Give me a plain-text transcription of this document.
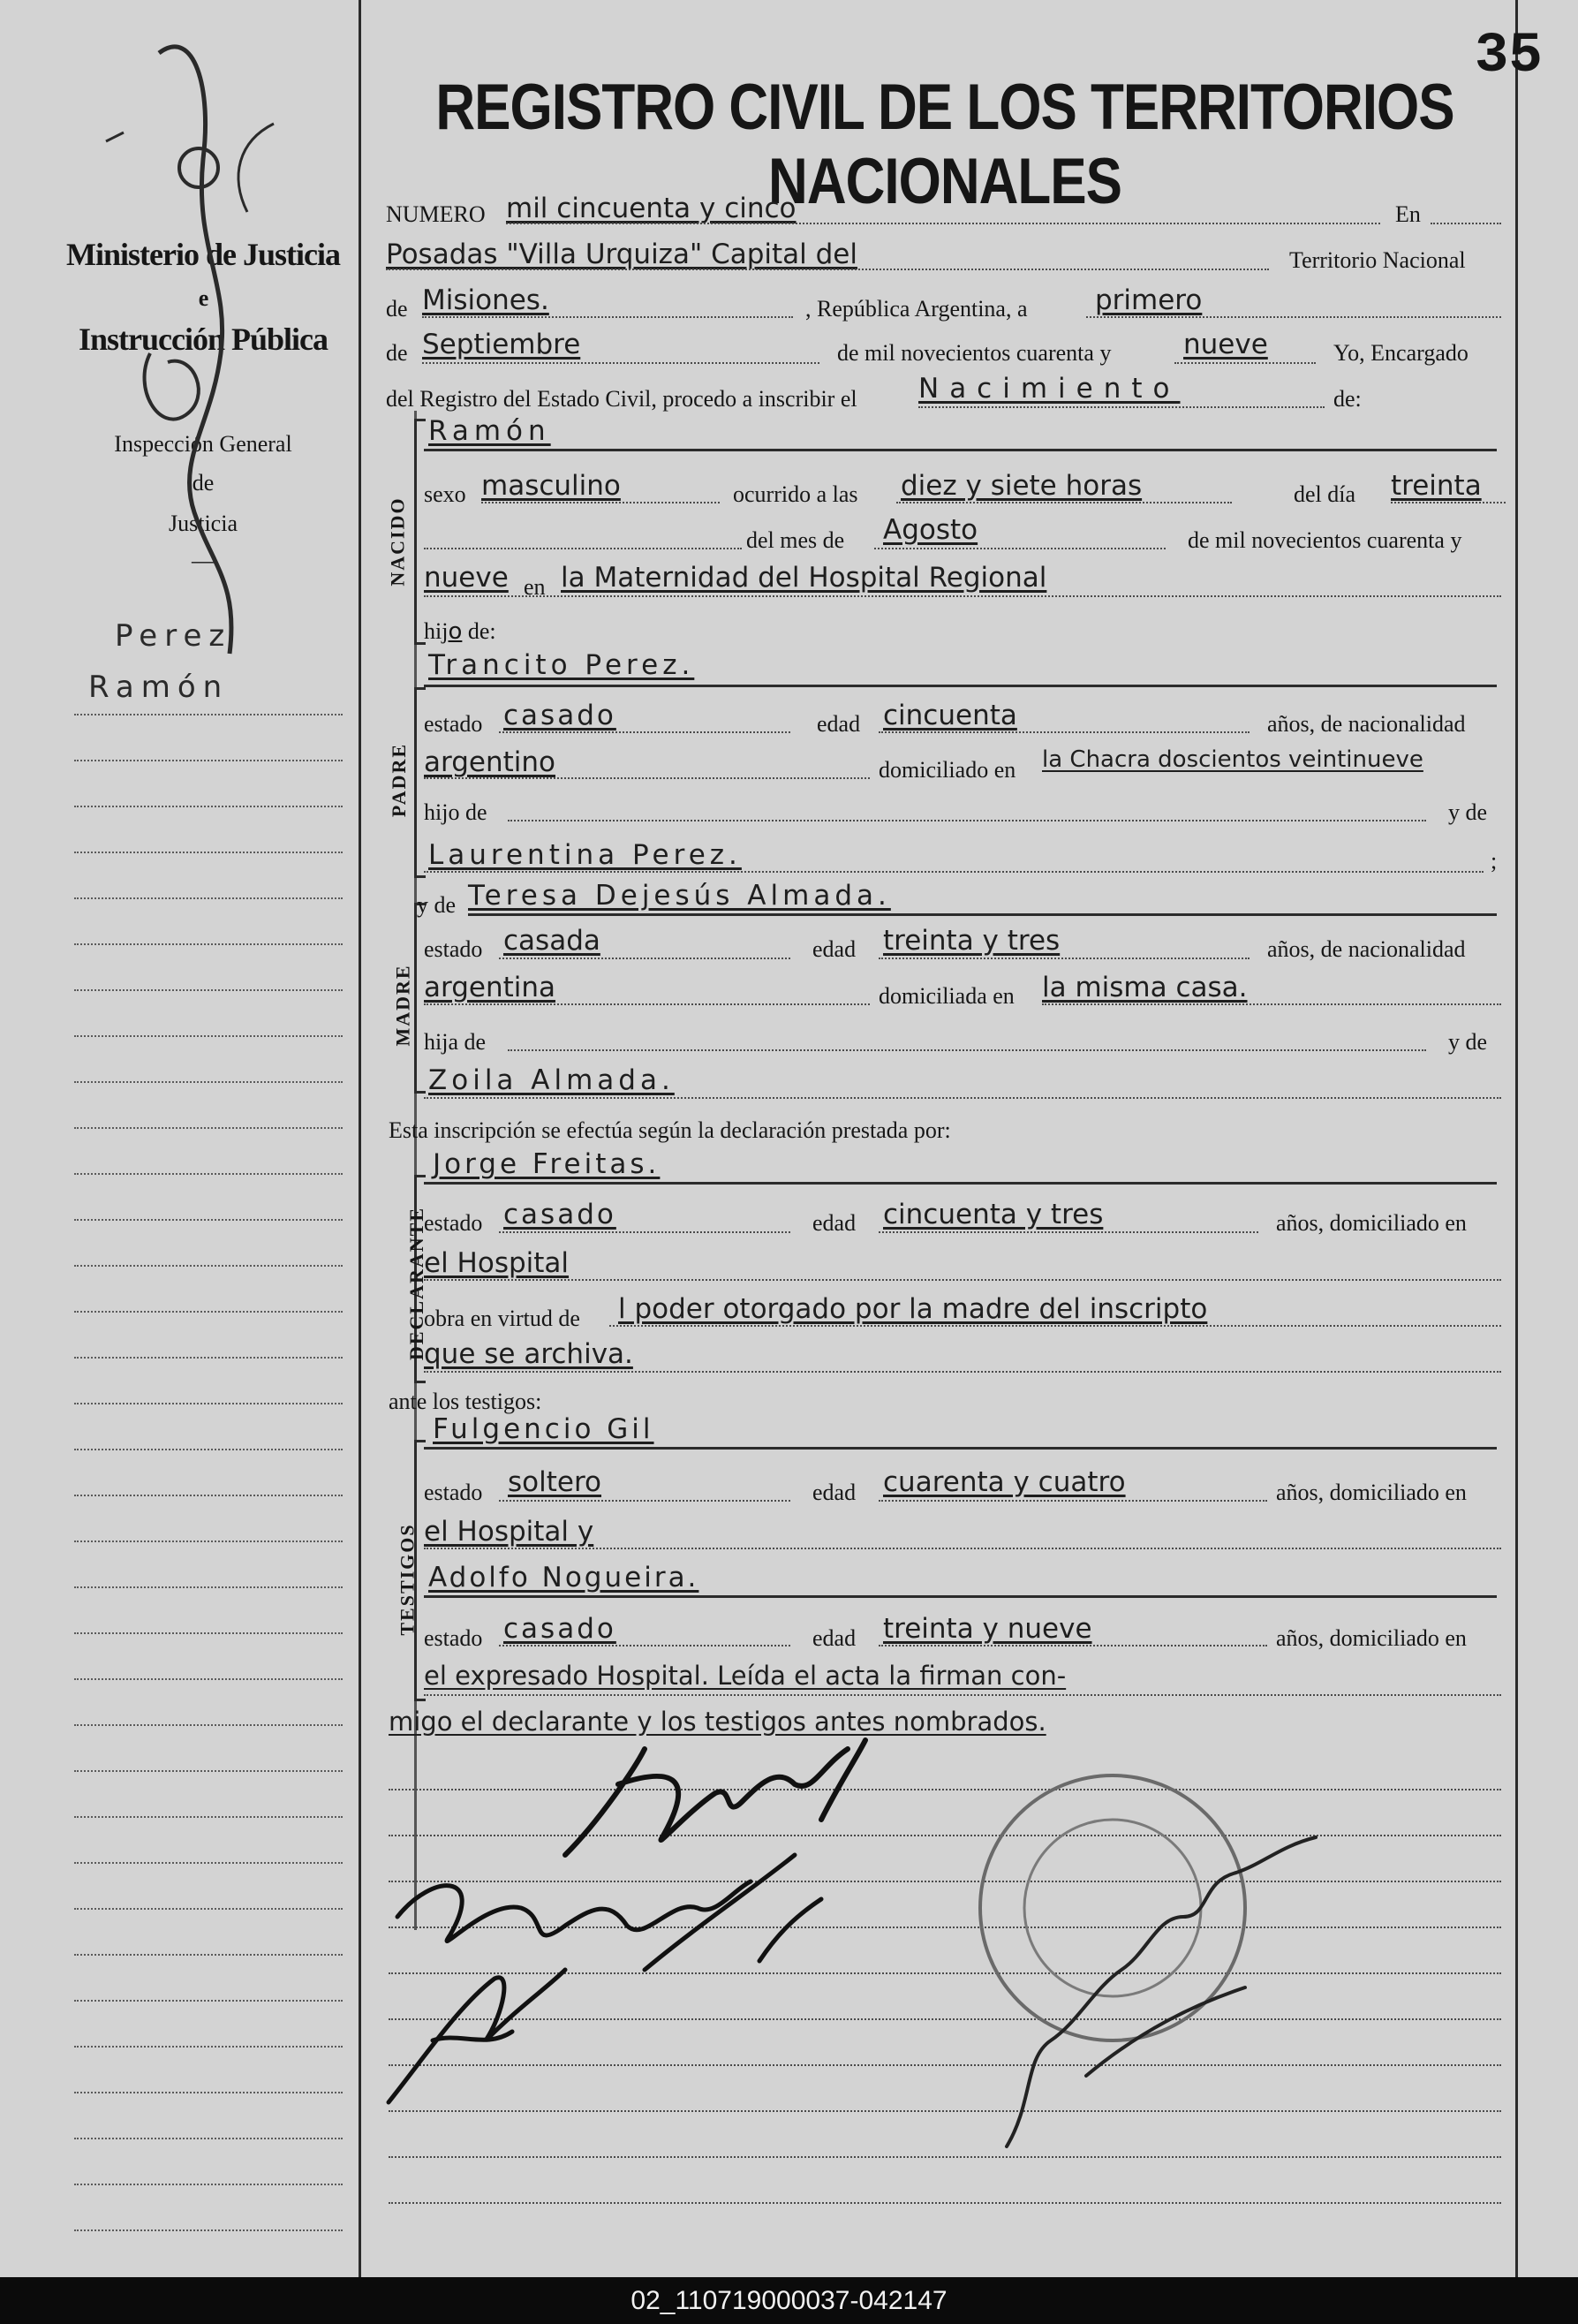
35
REGISTRO CIVIL DE LOS TERRITORIOS NACIONALES
Ministerio de Justicia
e
Instrucción Pública
Inspección General
de
Justicia
—
Perez
Ramón
NUMERO mil cincuenta y cinco	En
Posadas "Villa Urquiza" Capital del	Territorio Nacional
de Misiones.	, República Argentina, a primero
de Septiembre	de mil novecientos cuarenta y	nueve	Yo, Encargado
del Registro del Estado Civil, procedo a inscribir el Nacimiento	de:
NACIDO
Ramón
sexo masculino	ocurrido a las diez y siete horas	del día treinta
del mes de Agosto	de mil novecientos cuarenta y
nueve en la Maternidad del Hospital Regional
hijo de:
PADRE
Trancito Perez.
estado casado	edad cincuenta	años, de nacionalidad
argentino	domiciliado en la Chacra doscientos veintinueve
hijo de	y de
Laurentina Perez.	;
MADRE
y de Teresa Dejesús Almada.
estado casada	edad treinta y tres	años, de nacionalidad
argentina	domiciliada en la misma casa.
hija de	y de
Zoila Almada.
Esta inscripción se efectúa según la declaración prestada por:
DECLARANTE
Jorge Freitas.
estado casado	edad cincuenta y tres	años, domiciliado en
el Hospital
obra en virtud de l poder otorgado por la madre del inscripto
que se archiva.
ante los testigos:
TESTIGOS
Fulgencio Gil
estado soltero	edad cuarenta y cuatro	años, domiciliado en
el Hospital y
Adolfo Nogueira.
estado casado	edad treinta y nueve	años, domiciliado en
el expresado Hospital. Leída el acta la firman con-
migo el declarante y los testigos antes nombrados.
02_110719000037-042147
